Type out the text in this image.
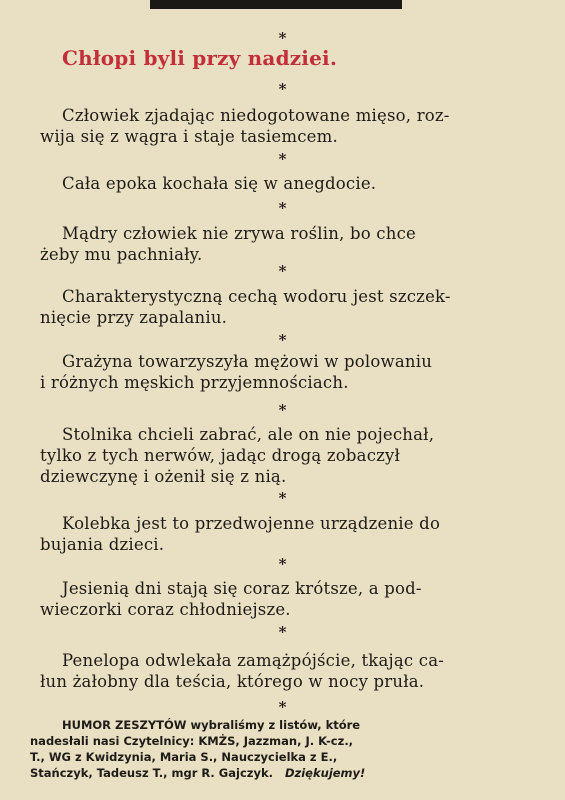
*
Chłopi byli przy nadziei.
*
Człowiek zjadając niedogotowane mięso, roz-
wija się z wągra i staje tasiemcem.
*
Cała epoka kochała się w anegdocie.
*
Mądry człowiek nie zrywa roślin, bo chce
żeby mu pachniały.
*
Charakterystyczną cechą wodoru jest szczek-
nięcie przy zapalaniu.
*
Grażyna towarzyszyła mężowi w polowaniu
i różnych męskich przyjemnościach.
*
Stolnika chcieli zabrać, ale on nie pojechał,
tylko z tych nerwów, jadąc drogą zobaczył
dziewczynę i ożenił się z nią.
*
Kolebka jest to przedwojenne urządzenie do
bujania dzieci.
*
Jesienią dni stają się coraz krótsze, a pod-
wieczorki coraz chłodniejsze.
*
Penelopa odwlekała zamążpójście, tkając ca-
łun żałobny dla teścia, którego w nocy pruła.
*
HUMOR ZESZYTÓW wybraliśmy z listów, które
nadesłali nasi Czytelnicy: KMŻS, Jazzman, J. K-cz.,
T., WG z Kwidzynia, Maria S., Nauczycielka z E.,
Stańczyk, Tadeusz T., mgr R. Gajczyk. Dziękujemy!
